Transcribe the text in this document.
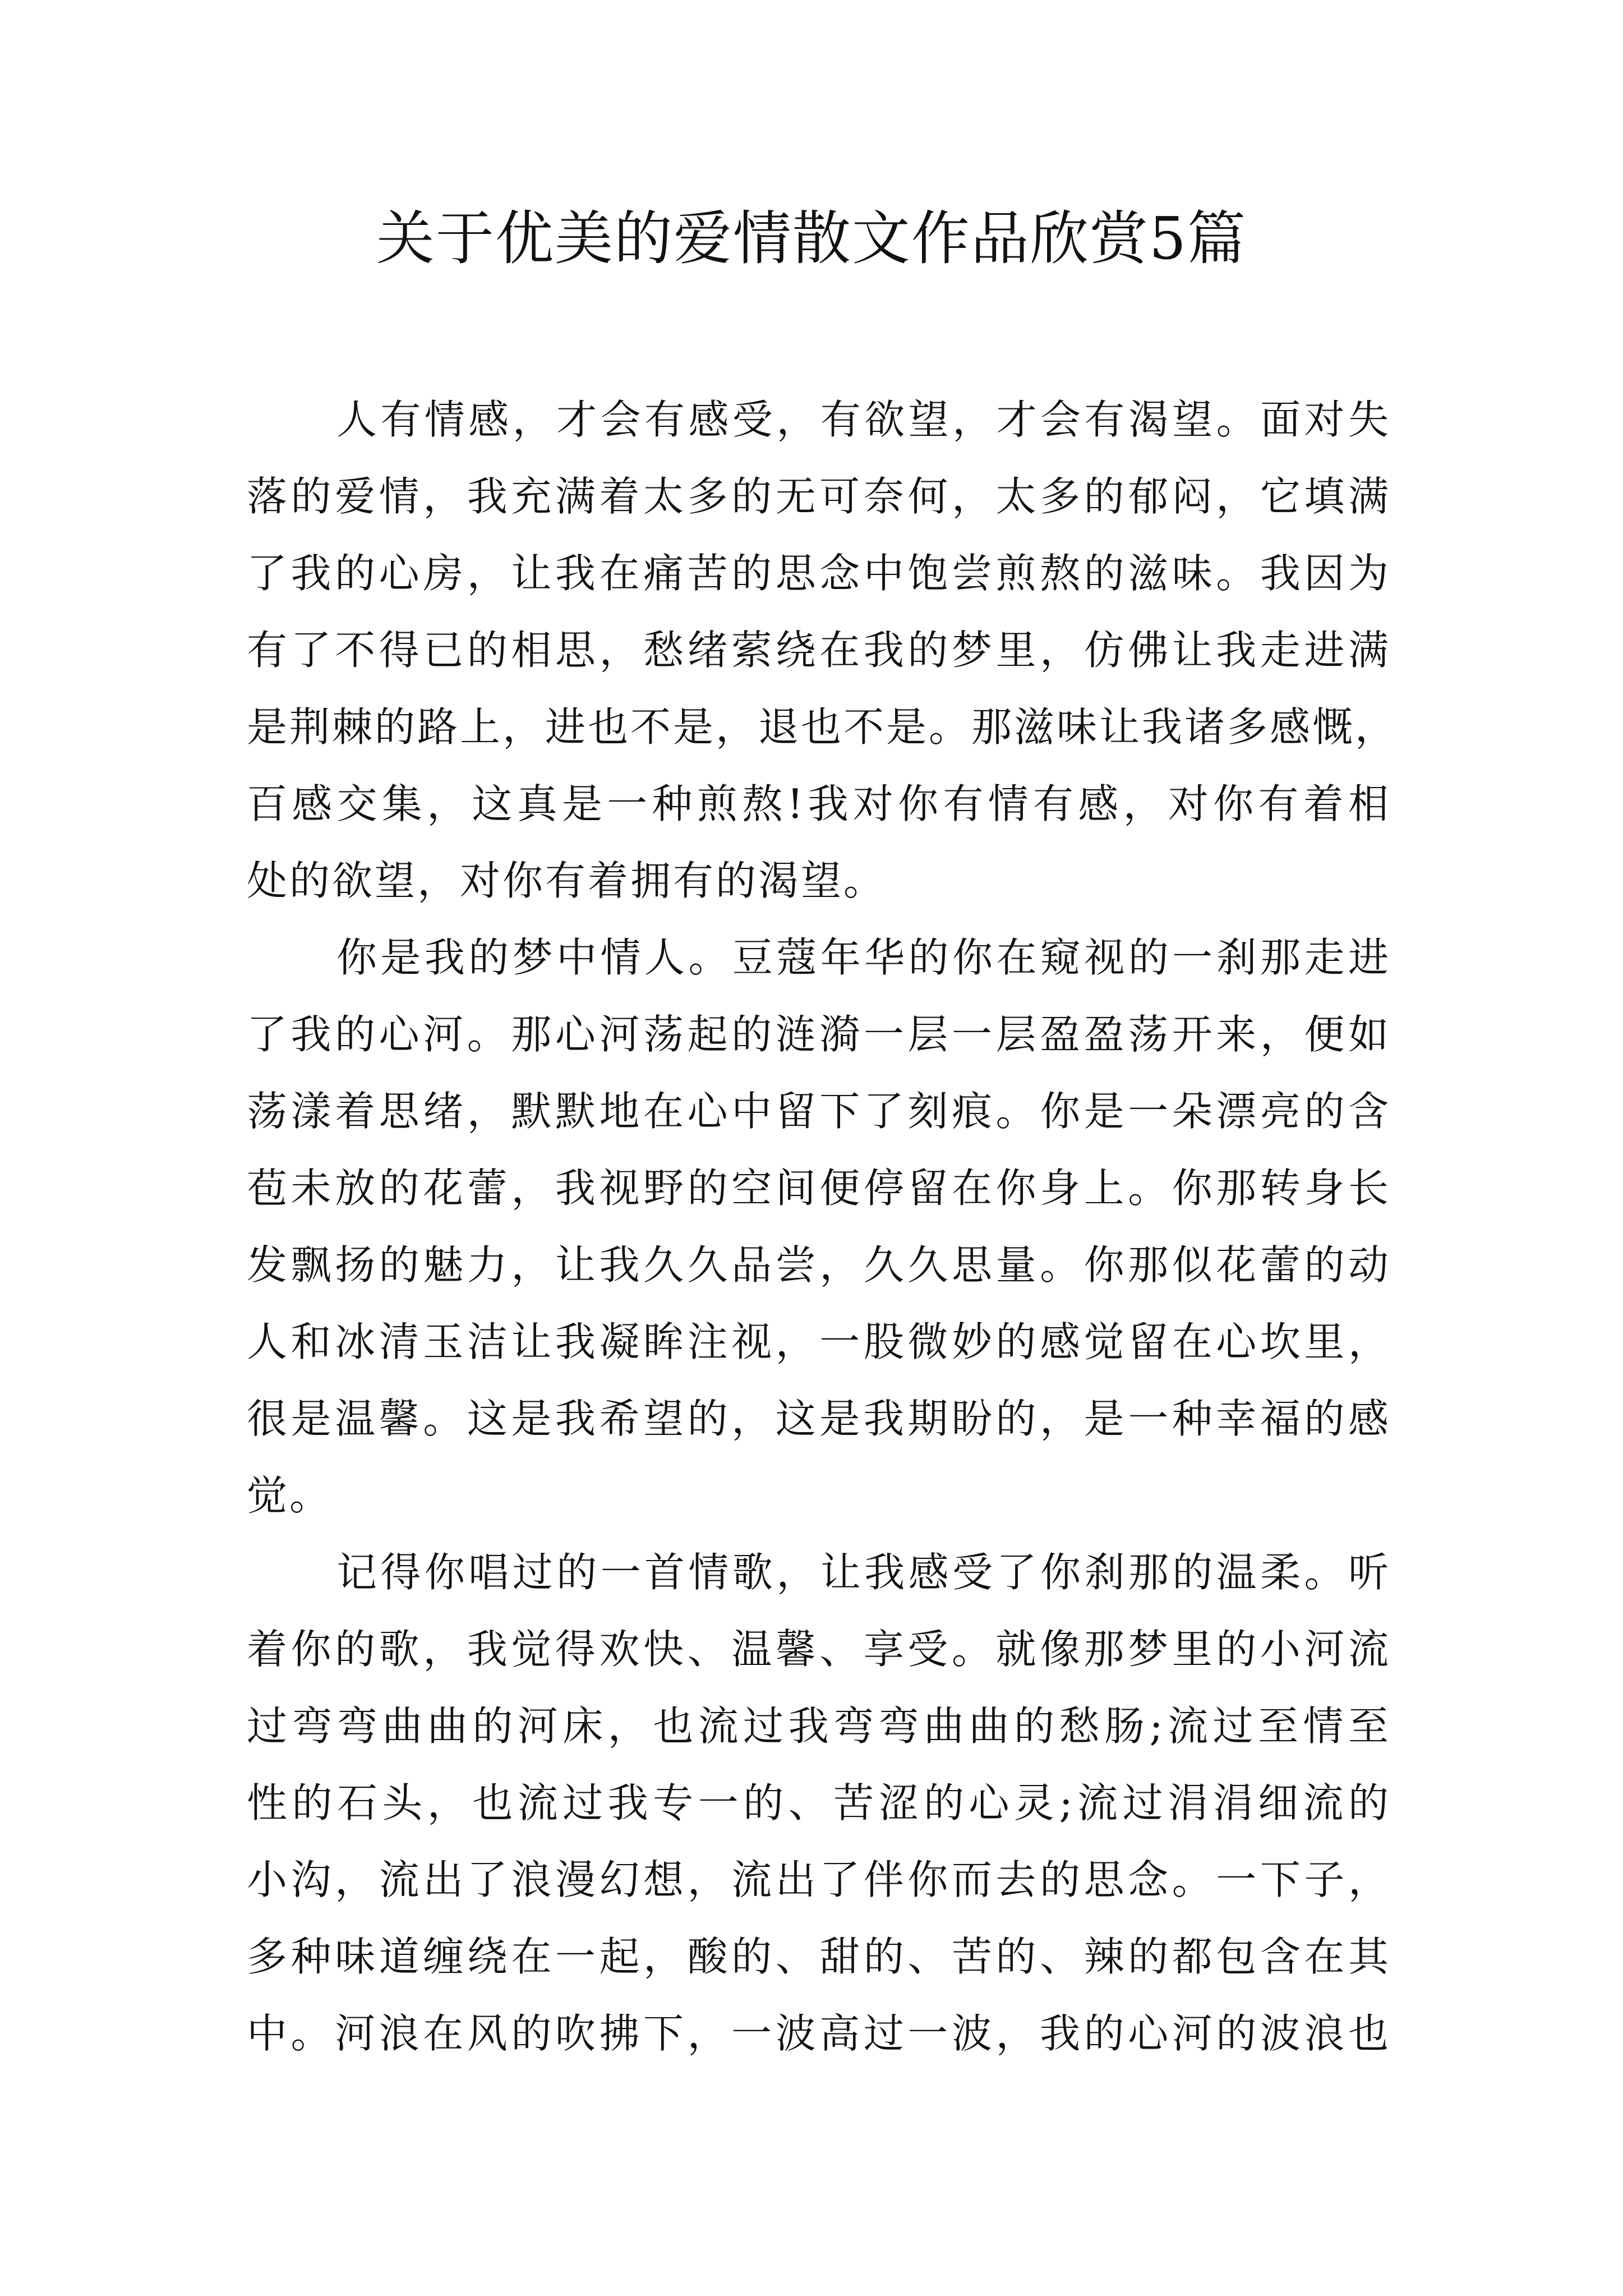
关于优美的爱情散文作品欣赏5篇
人有情感，才会有感受，有欲望，才会有渴望。面对失
落的爱情，我充满着太多的无可奈何，太多的郁闷，它填满
了我的心房，让我在痛苦的思念中饱尝煎熬的滋味。我因为
有了不得已的相思，愁绪萦绕在我的梦里，仿佛让我走进满
是荆棘的路上，进也不是，退也不是。那滋味让我诸多感慨，
百感交集，这真是一种煎熬!我对你有情有感，对你有着相
处的欲望，对你有着拥有的渴望。
你是我的梦中情人。豆蔻年华的你在窥视的一刹那走进
了我的心河。那心河荡起的涟漪一层一层盈盈荡开来，便如
荡漾着思绪，默默地在心中留下了刻痕。你是一朵漂亮的含
苞未放的花蕾，我视野的空间便停留在你身上。你那转身长
发飘扬的魅力，让我久久品尝，久久思量。你那似花蕾的动
人和冰清玉洁让我凝眸注视，一股微妙的感觉留在心坎里，
很是温馨。这是我希望的，这是我期盼的，是一种幸福的感
觉。
记得你唱过的一首情歌，让我感受了你刹那的温柔。听
着你的歌，我觉得欢快、温馨、享受。就像那梦里的小河流
过弯弯曲曲的河床，也流过我弯弯曲曲的愁肠;流过至情至
性的石头，也流过我专一的、苦涩的心灵;流过涓涓细流的
小沟，流出了浪漫幻想，流出了伴你而去的思念。一下子，
多种味道缠绕在一起，酸的、甜的、苦的、辣的都包含在其
中。河浪在风的吹拂下，一波高过一波，我的心河的波浪也
